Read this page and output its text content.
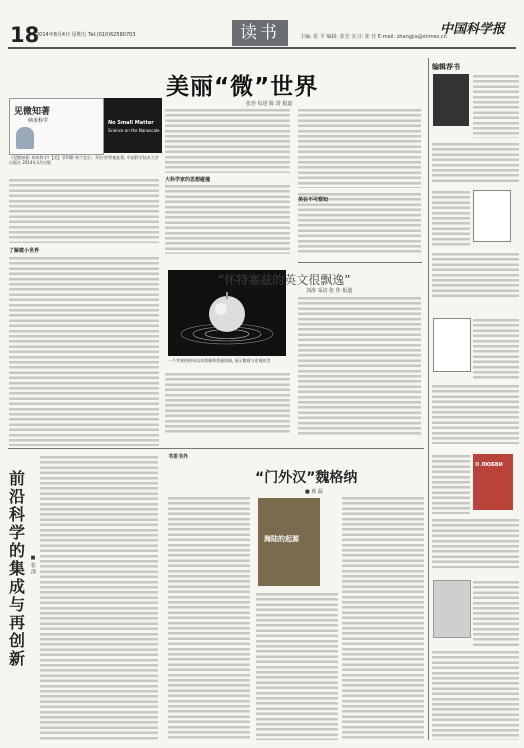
18
2014年8月4日 星期五 Tel:(010)62580703	读书	中国科学报
主编: 张 平 编辑: 张芳 实习: 张 佳 E-mail: zhangjia@stimes.cn
见微知著
纳米科学	No Small Matter
Science on the Nanoscale
《见微知著: 纳米科学》【美】菲利斯·弗兰克尔、乔治·怀特塞兹著, 中国科学技术大学出版社 2014年3月出版
了解微小世界
美丽“微”世界
张佳 综述 陈 清 报道
大科学家的思想碰撞
一个苹果的纳米技术图像和普通图像, 展示微观与宏观的美
美在不可察知
“怀特塞兹的英文很飘逸”
刘涛 采访 张 佳 报道
前沿科学的集成与再创新
■ 张 清
书里书外
“门外汉”魏格纳
■ 席 磊
海陆的起源
编辑荐书
O ЛЮБВИ
